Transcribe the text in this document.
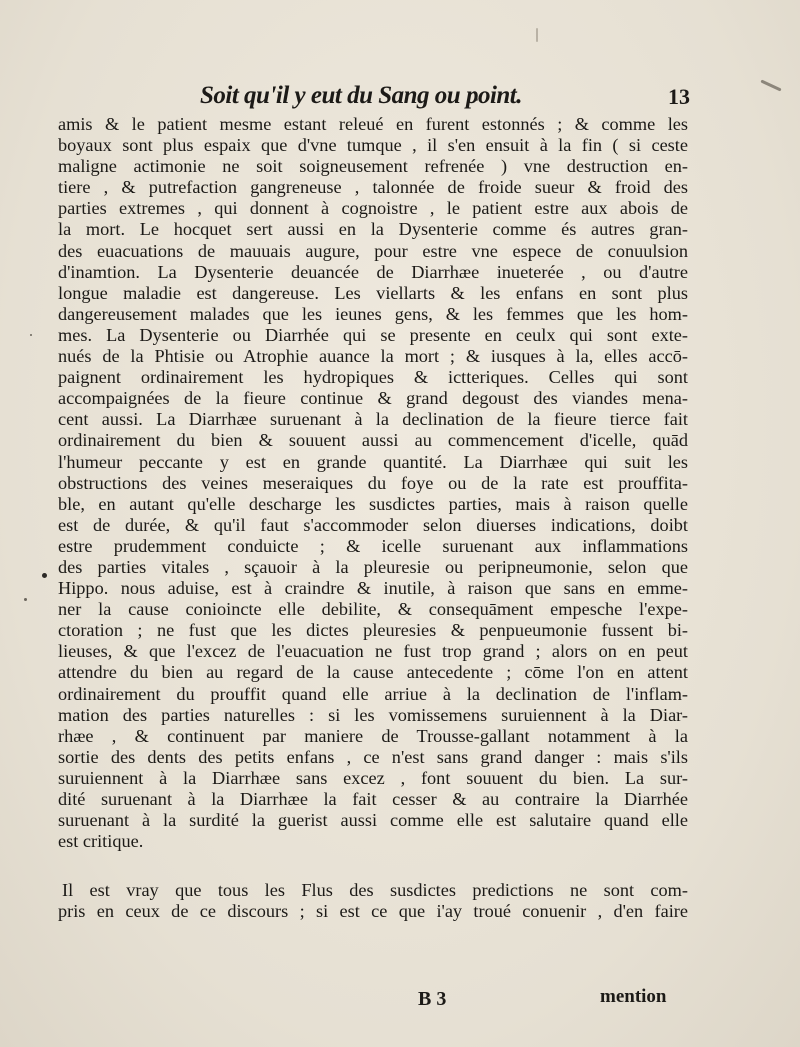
Soit qu'il y eut du Sang ou point.	13
amis & le patient mesme estant releué en furent estonnés ; & comme les
boyaux sont plus espaix que d'vne tumque , il s'en ensuit à la fin ( si ceste
maligne actimonie ne soit soigneusement refrenée ) vne destruction en-
tiere , & putrefaction gangreneuse , talonnée de froide sueur & froid des
parties extremes , qui donnent à cognoistre , le patient estre aux abois de
la mort. Le hocquet sert aussi en la Dysenterie comme és autres gran-
des euacuations de mauuais augure, pour estre vne espece de conuulsion
d'inamtion. La Dysenterie deuancée de Diarrhæe inueterée , ou d'autre
longue maladie est dangereuse. Les viellarts & les enfans en sont plus
dangereusement malades que les ieunes gens, & les femmes que les hom-
mes. La Dysenterie ou Diarrhée qui se presente en ceulx qui sont exte-
nués de la Phtisie ou Atrophie auance la mort ; & iusques à la, elles accō-
paignent ordinairement les hydropiques & ictteriques. Celles qui sont
accompaignées de la fieure continue & grand degoust des viandes mena-
cent aussi. La Diarrhæe suruenant à la declination de la fieure tierce fait
ordinairement du bien & souuent aussi au commencement d'icelle, quād
l'humeur peccante y est en grande quantité. La Diarrhæe qui suit les
obstructions des veines meseraiques du foye ou de la rate est prouffita-
ble, en autant qu'elle descharge les susdictes parties, mais à raison quelle
est de durée, & qu'il faut s'accommoder selon diuerses indications, doibt
estre prudemment conduicte ; & icelle suruenant aux inflammations
des parties vitales , sçauoir à la pleuresie ou peripneumonie, selon que
Hippo. nous aduise, est à craindre & inutile, à raison que sans en emme-
ner la cause conioincte elle debilite, & consequāment empesche l'expe-
ctoration ; ne fust que les dictes pleuresies & penpueumonie fussent bi-
lieuses, & que l'excez de l'euacuation ne fust trop grand ; alors on en peut
attendre du bien au regard de la cause antecedente ; cōme l'on en attent
ordinairement du prouffit quand elle arriue à la declination de l'inflam-
mation des parties naturelles : si les vomissemens suruiennent à la Diar-
rhæe , & continuent par maniere de Trousse-gallant notamment à la
sortie des dents des petits enfans , ce n'est sans grand danger : mais s'ils
suruiennent à la Diarrhæe sans excez , font souuent du bien. La sur-
dité suruenant à la Diarrhæe la fait cesser & au contraire la Diarrhée
suruenant à la surdité la guerist aussi comme elle est salutaire quand elle
est critique.
Il est vray que tous les Flus des susdictes predictions ne sont com-
pris en ceux de ce discours ; si est ce que i'ay troué conuenir , d'en faire
B 3	mention
